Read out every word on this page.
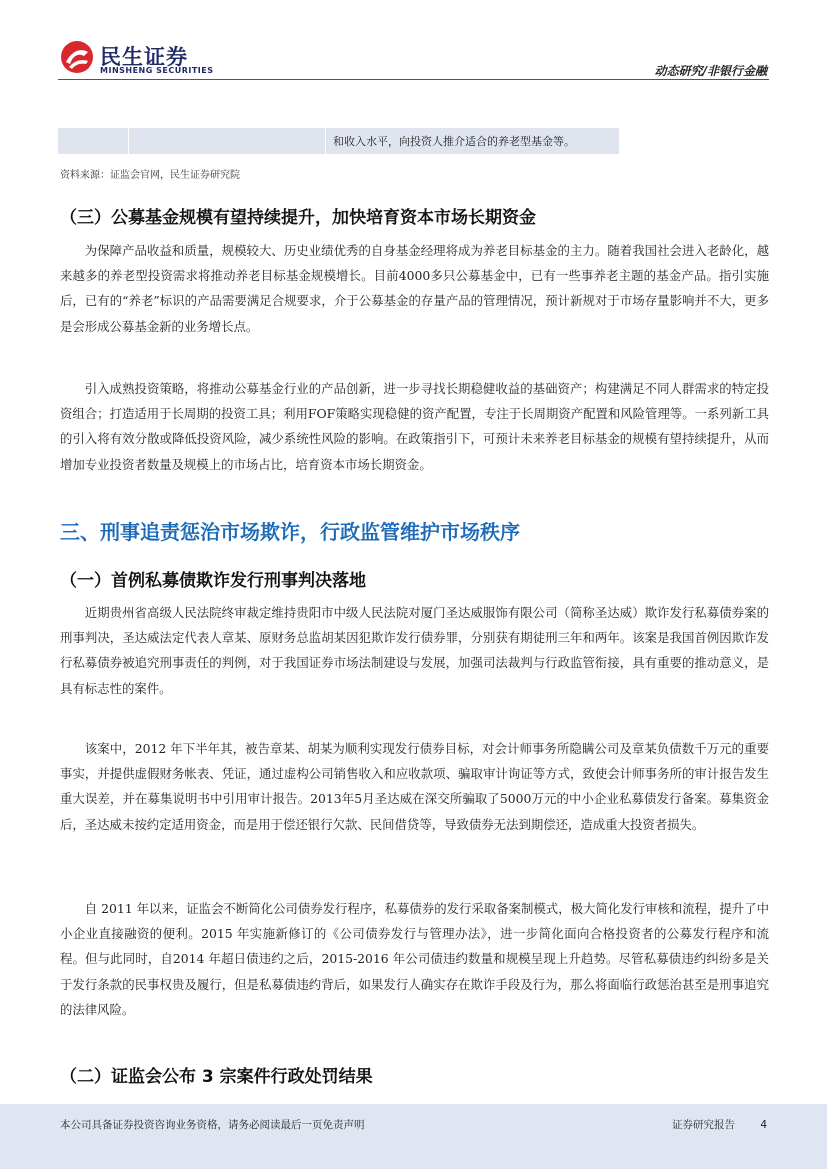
民生证券
MINSHENG SECURITIES	动态研究/非银行金融
和收入水平，向投资人推介适合的养老型基金等。
资料来源：证监会官网，民生证券研究院
（三）公募基金规模有望持续提升，加快培育资本市场长期资金

为保障产品收益和质量，规模较大、历史业绩优秀的自身基金经理将成为养老目标基金的主力。随着我国社会进入老龄化，越来越多的养老型投资需求将推动养老目标基金规模增长。目前4000多只公募基金中，已有一些事养老主题的基金产品。指引实施后，已有的“养老”标识的产品需要满足合规要求，介于公募基金的存量产品的管理情况，预计新规对于市场存量影响并不大，更多是会形成公募基金新的业务增长点。

引入成熟投资策略，将推动公募基金行业的产品创新，进一步寻找长期稳健收益的基础资产；构建满足不同人群需求的特定投资组合；打造适用于长周期的投资工具；利用FOF策略实现稳健的资产配置，专注于长周期资产配置和风险管理等。一系列新工具的引入将有效分散或降低投资风险，减少系统性风险的影响。在政策指引下，可预计未来养老目标基金的规模有望持续提升，从而增加专业投资者数量及规模上的市场占比，培育资本市场长期资金。

三、刑事追责惩治市场欺诈，行政监管维护市场秩序
（一）首例私募债欺诈发行刑事判决落地

近期贵州省高级人民法院终审裁定维持贵阳市中级人民法院对厦门圣达威服饰有限公司（简称圣达威）欺诈发行私募债券案的刑事判决，圣达威法定代表人章某、原财务总监胡某因犯欺诈发行债券罪，分别获有期徒刑三年和两年。该案是我国首例因欺诈发行私募债券被追究刑事责任的判例，对于我国证券市场法制建设与发展，加强司法裁判与行政监管衔接，具有重要的推动意义，是具有标志性的案件。

该案中，2012 年下半年其，被告章某、胡某为顺利实现发行债券目标，对会计师事务所隐瞒公司及章某负债数千万元的重要事实，并提供虚假财务帐表、凭证，通过虚构公司销售收入和应收款项、骗取审计询证等方式，致使会计师事务所的审计报告发生重大误差，并在募集说明书中引用审计报告。2013年5月圣达威在深交所骗取了5000万元的中小企业私募债发行备案。募集资金后，圣达威未按约定适用资金，而是用于偿还银行欠款、民间借贷等，导致债券无法到期偿还，造成重大投资者损失。

自 2011 年以来，证监会不断简化公司债券发行程序，私募债券的发行采取备案制模式，极大简化发行审核和流程，提升了中小企业直接融资的便利。2015 年实施新修订的《公司债券发行与管理办法》，进一步简化面向合格投资者的公募发行程序和流程。但与此同时，自2014 年超日债违约之后，2015-2016 年公司债违约数量和规模呈现上升趋势。尽管私募债违约纠纷多是关于发行条款的民事权贵及履行，但是私募债违约背后，如果发行人确实存在欺诈手段及行为，那么将面临行政惩治甚至是刑事追究的法律风险。

（二）证监会公布 3 宗案件行政处罚结果
本公司具备证券投资咨询业务资格，请务必阅读最后一页免责声明	证券研究报告 4
